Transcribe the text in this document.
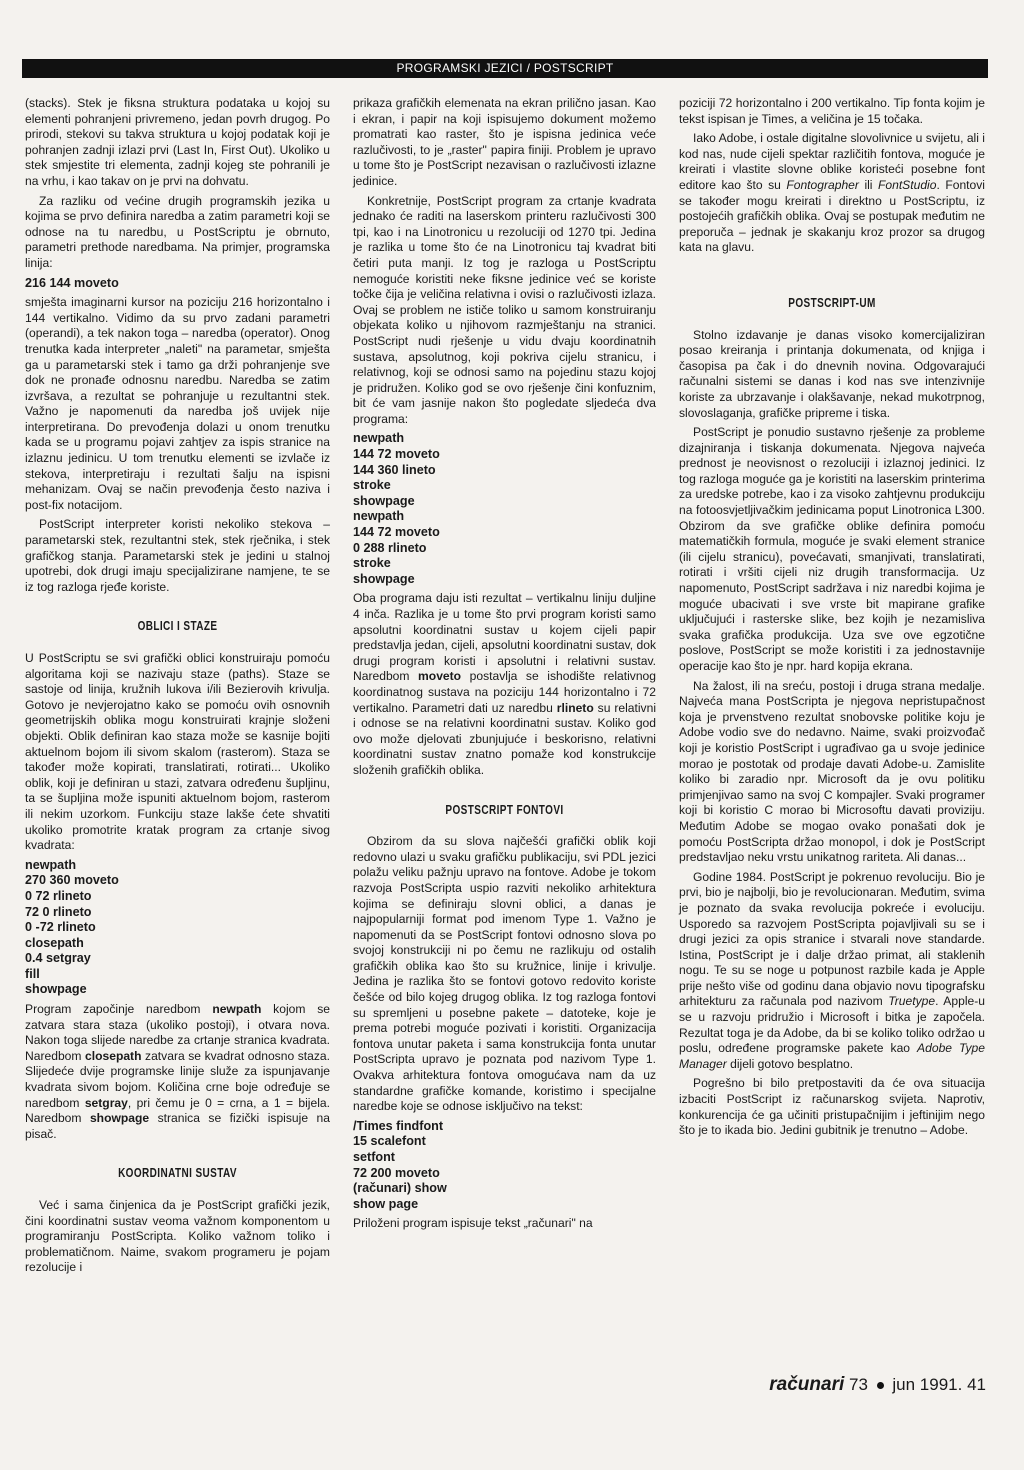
PROGRAMSKI JEZICI / POSTSCRIPT

(stacks). Stek je fiksna struktura podataka u kojoj su elementi pohranjeni privremeno, jedan povrh drugog. Po prirodi, stekovi su takva struktura u kojoj podatak koji je pohranjen zadnji izlazi prvi (Last In, First Out). Ukoliko u stek smjestite tri elementa, zadnji kojeg ste pohranili je na vrhu, i kao takav on je prvi na dohvatu.

Za razliku od većine drugih programskih jezika u kojima se prvo definira naredba a zatim parametri koji se odnose na tu naredbu, u PostScriptu je obrnuto, parametri prethode naredbama. Na primjer, programska linija:

216 144 moveto

smješta imaginarni kursor na poziciju 216 horizontalno i 144 vertikalno. Vidimo da su prvo zadani parametri (operandi), a tek nakon toga – naredba (operator). Onog trenutka kada interpreter „naleti" na parametar, smješta ga u parametarski stek i tamo ga drži pohranjenje sve dok ne pronađe odnosnu naredbu. Naredba se zatim izvršava, a rezultat se pohranjuje u rezultantni stek. Važno je napomenuti da naredba još uvijek nije interpretirana. Do prevođenja dolazi u onom trenutku kada se u programu pojavi zahtjev za ispis stranice na izlaznu jedinicu. U tom trenutku elementi se izvlače iz stekova, interpretiraju i rezultati šalju na ispisni mehanizam. Ovaj se način prevođenja često naziva i post-fix notacijom.

PostScript interpreter koristi nekoliko stekova – parametarski stek, rezultantni stek, stek rječnika, i stek grafičkog stanja. Parametarski stek je jedini u stalnoj upotrebi, dok drugi imaju specijalizirane namjene, te se iz tog razloga rjeđe koriste.

OBLICI I STAZE

U PostScriptu se svi grafički oblici konstruiraju pomoću algoritama koji se nazivaju staze (paths). Staze se sastoje od linija, kružnih lukova i/ili Bezierovih krivulja. Gotovo je nevjerojatno kako se pomoću ovih osnovnih geometrijskih oblika mogu konstruirati krajnje složeni objekti. Oblik definiran kao staza može se kasnije bojiti aktuelnom bojom ili sivom skalom (rasterom). Staza se također može kopirati, translatirati, rotirati... Ukoliko oblik, koji je definiran u stazi, zatvara određenu šupljinu, ta se šupljina može ispuniti aktuelnom bojom, rasterom ili nekim uzorkom. Funkciju staze lakše ćete shvatiti ukoliko promotrite kratak program za crtanje sivog kvadrata:

newpath
270 360 moveto
0 72 rlineto
72 0 rlineto
0 -72 rlineto
closepath
0.4 setgray
fill
showpage

Program započinje naredbom newpath kojom se zatvara stara staza (ukoliko postoji), i otvara nova. Nakon toga slijede naredbe za crtanje stranica kvadrata. Naredbom closepath zatvara se kvadrat odnosno staza. Slijedeće dvije programske linije služe za ispunjavanje kvadrata sivom bojom. Količina crne boje određuje se naredbom setgray, pri čemu je 0 = crna, a 1 = bijela. Naredbom showpage stranica se fizički ispisuje na pisač.

KOORDINATNI SUSTAV

Već i sama činjenica da je PostScript grafički jezik, čini koordinatni sustav veoma važnom komponentom u programiranju PostScripta. Koliko važnom toliko i problematičnom. Naime, svakom programeru je pojam rezolucije i

prikaza grafičkih elemenata na ekran prilično jasan. Kao i ekran, i papir na koji ispisujemo dokument možemo promatrati kao raster, što je ispisna jedinica veće razlučivosti, to je „raster" papira finiji. Problem je upravo u tome što je PostScript nezavisan o razlučivosti izlazne jedinice.

Konkretnije, PostScript program za crtanje kvadrata jednako će raditi na laserskom printeru razlučivosti 300 tpi, kao i na Linotronicu u rezoluciji od 1270 tpi. Jedina je razlika u tome što će na Linotronicu taj kvadrat biti četiri puta manji. Iz tog je razloga u PostScriptu nemoguće koristiti neke fiksne jedinice već se koriste točke čija je veličina relativna i ovisi o razlučivosti izlaza. Ovaj se problem ne ističe toliko u samom konstruiranju objekata koliko u njihovom razmještanju na stranici. PostScript nudi rješenje u vidu dvaju koordinatnih sustava, apsolutnog, koji pokriva cijelu stranicu, i relativnog, koji se odnosi samo na pojedinu stazu kojoj je pridružen. Koliko god se ovo rješenje čini konfuznim, bit će vam jasnije nakon što pogledate sljedeća dva programa:

newpath
144 72 moveto
144 360 lineto
stroke
showpage
newpath
144 72 moveto
0 288 rlineto
stroke
showpage

Oba programa daju isti rezultat – vertikalnu liniju duljine 4 inča. Razlika je u tome što prvi program koristi samo apsolutni koordinatni sustav u kojem cijeli papir predstavlja jedan, cijeli, apsolutni koordinatni sustav, dok drugi program koristi i apsolutni i relativni sustav. Naredbom moveto postavlja se ishodište relativnog koordinatnog sustava na poziciju 144 horizontalno i 72 vertikalno. Parametri dati uz naredbu rlineto su relativni i odnose se na relativni koordinatni sustav. Koliko god ovo može djelovati zbunjujuće i beskorisno, relativni koordinatni sustav znatno pomaže kod konstrukcije složenih grafičkih oblika.

POSTSCRIPT FONTOVI

Obzirom da su slova najčešći grafički oblik koji redovno ulazi u svaku grafičku publikaciju, svi PDL jezici polažu veliku pažnju upravo na fontove. Adobe je tokom razvoja PostScripta uspio razviti nekoliko arhitektura kojima se definiraju slovni oblici, a danas je najpopularniji format pod imenom Type 1. Važno je napomenuti da se PostScript fontovi odnosno slova po svojoj konstrukciji ni po čemu ne razlikuju od ostalih grafičkih oblika kao što su kružnice, linije i krivulje. Jedina je razlika što se fontovi gotovo redovito koriste češće od bilo kojeg drugog oblika. Iz tog razloga fontovi su spremljeni u posebne pakete – datoteke, koje je prema potrebi moguće pozivati i koristiti. Organizacija fontova unutar paketa i sama konstrukcija fonta unutar PostScripta upravo je poznata pod nazivom Type 1. Ovakva arhitektura fontova omogućava nam da uz standardne grafičke komande, koristimo i specijalne naredbe koje se odnose isključivo na tekst:

/Times findfont
15 scalefont
setfont
72 200 moveto
(računari) show
show page

Priloženi program ispisuje tekst „računari" na

poziciji 72 horizontalno i 200 vertikalno. Tip fonta kojim je tekst ispisan je Times, a veličina je 15 točaka.

Iako Adobe, i ostale digitalne slovolivnice u svijetu, ali i kod nas, nude cijeli spektar različitih fontova, moguće je kreirati i vlastite slovne oblike koristeći posebne font editore kao što su Fontographer ili FontStudio. Fontovi se također mogu kreirati i direktno u PostScriptu, iz postojećih grafičkih oblika. Ovaj se postupak međutim ne preporuča – jednak je skakanju kroz prozor sa drugog kata na glavu.

POSTSCRIPT-UM

Stolno izdavanje je danas visoko komercijaliziran posao kreiranja i printanja dokumenata, od knjiga i časopisa pa čak i do dnevnih novina. Odgovarajući računalni sistemi se danas i kod nas sve intenzivnije koriste za ubrzavanje i olakšavanje, nekad mukotrpnog, slovoslaganja, grafičke pripreme i tiska.

PostScript je ponudio sustavno rješenje za probleme dizajniranja i tiskanja dokumenata. Njegova najveća prednost je neovisnost o rezoluciji i izlaznoj jedinici. Iz tog razloga moguće ga je koristiti na laserskim printerima za uredske potrebe, kao i za visoko zahtjevnu produkciju na fotoosvjetljivačkim jedinicama poput Linotronica L300. Obzirom da sve grafičke oblike definira pomoću matematičkih formula, moguće je svaki element stranice (ili cijelu stranicu), povećavati, smanjivati, translatirati, rotirati i vršiti cijeli niz drugih transformacija. Uz napomenuto, PostScript sadržava i niz naredbi kojima je moguće ubacivati i sve vrste bit mapirane grafike uključujući i rasterske slike, bez kojih je nezamisliva svaka grafička produkcija. Uza sve ove egzotične poslove, PostScript se može koristiti i za jednostavnije operacije kao što je npr. hard kopija ekrana.

Na žalost, ili na sreću, postoji i druga strana medalje. Najveća mana PostScripta je njegova nepristupačnost koja je prvenstveno rezultat snobovske politike koju je Adobe vodio sve do nedavno. Naime, svaki proizvođač koji je koristio PostScript i ugrađivao ga u svoje jedinice morao je postotak od prodaje davati Adobe-u. Zamislite koliko bi zaradio npr. Microsoft da je ovu politiku primjenjivao samo na svoj C kompajler. Svaki programer koji bi koristio C morao bi Microsoftu davati proviziju. Međutim Adobe se mogao ovako ponašati dok je pomoću PostScripta držao monopol, i dok je PostScript predstavljao neku vrstu unikatnog rariteta. Ali danas...

Godine 1984. PostScript je pokrenuo revoluciju. Bio je prvi, bio je najbolji, bio je revolucionaran. Međutim, svima je poznato da svaka revolucija pokreće i evoluciju. Usporedo sa razvojem PostScripta pojavljivali su se i drugi jezici za opis stranice i stvarali nove standarde. Istina, PostScript je i dalje držao primat, ali staklenih nogu. Te su se noge u potpunost razbile kada je Apple prije nešto više od godinu dana objavio novu tipografsku arhitekturu za računala pod nazivom Truetype. Apple-u se u razvoju pridružio i Microsoft i bitka je započela. Rezultat toga je da Adobe, da bi se koliko toliko održao u poslu, određene programske pakete kao Adobe Type Manager dijeli gotovo besplatno.

Pogrešno bi bilo pretpostaviti da će ova situacija izbaciti PostScript iz računarskog svijeta. Naprotiv, konkurencija će ga učiniti pristupačnijim i jeftinijim nego što je to ikada bio. Jedini gubitnik je trenutno – Adobe.

računari 73 jun 1991. 41
